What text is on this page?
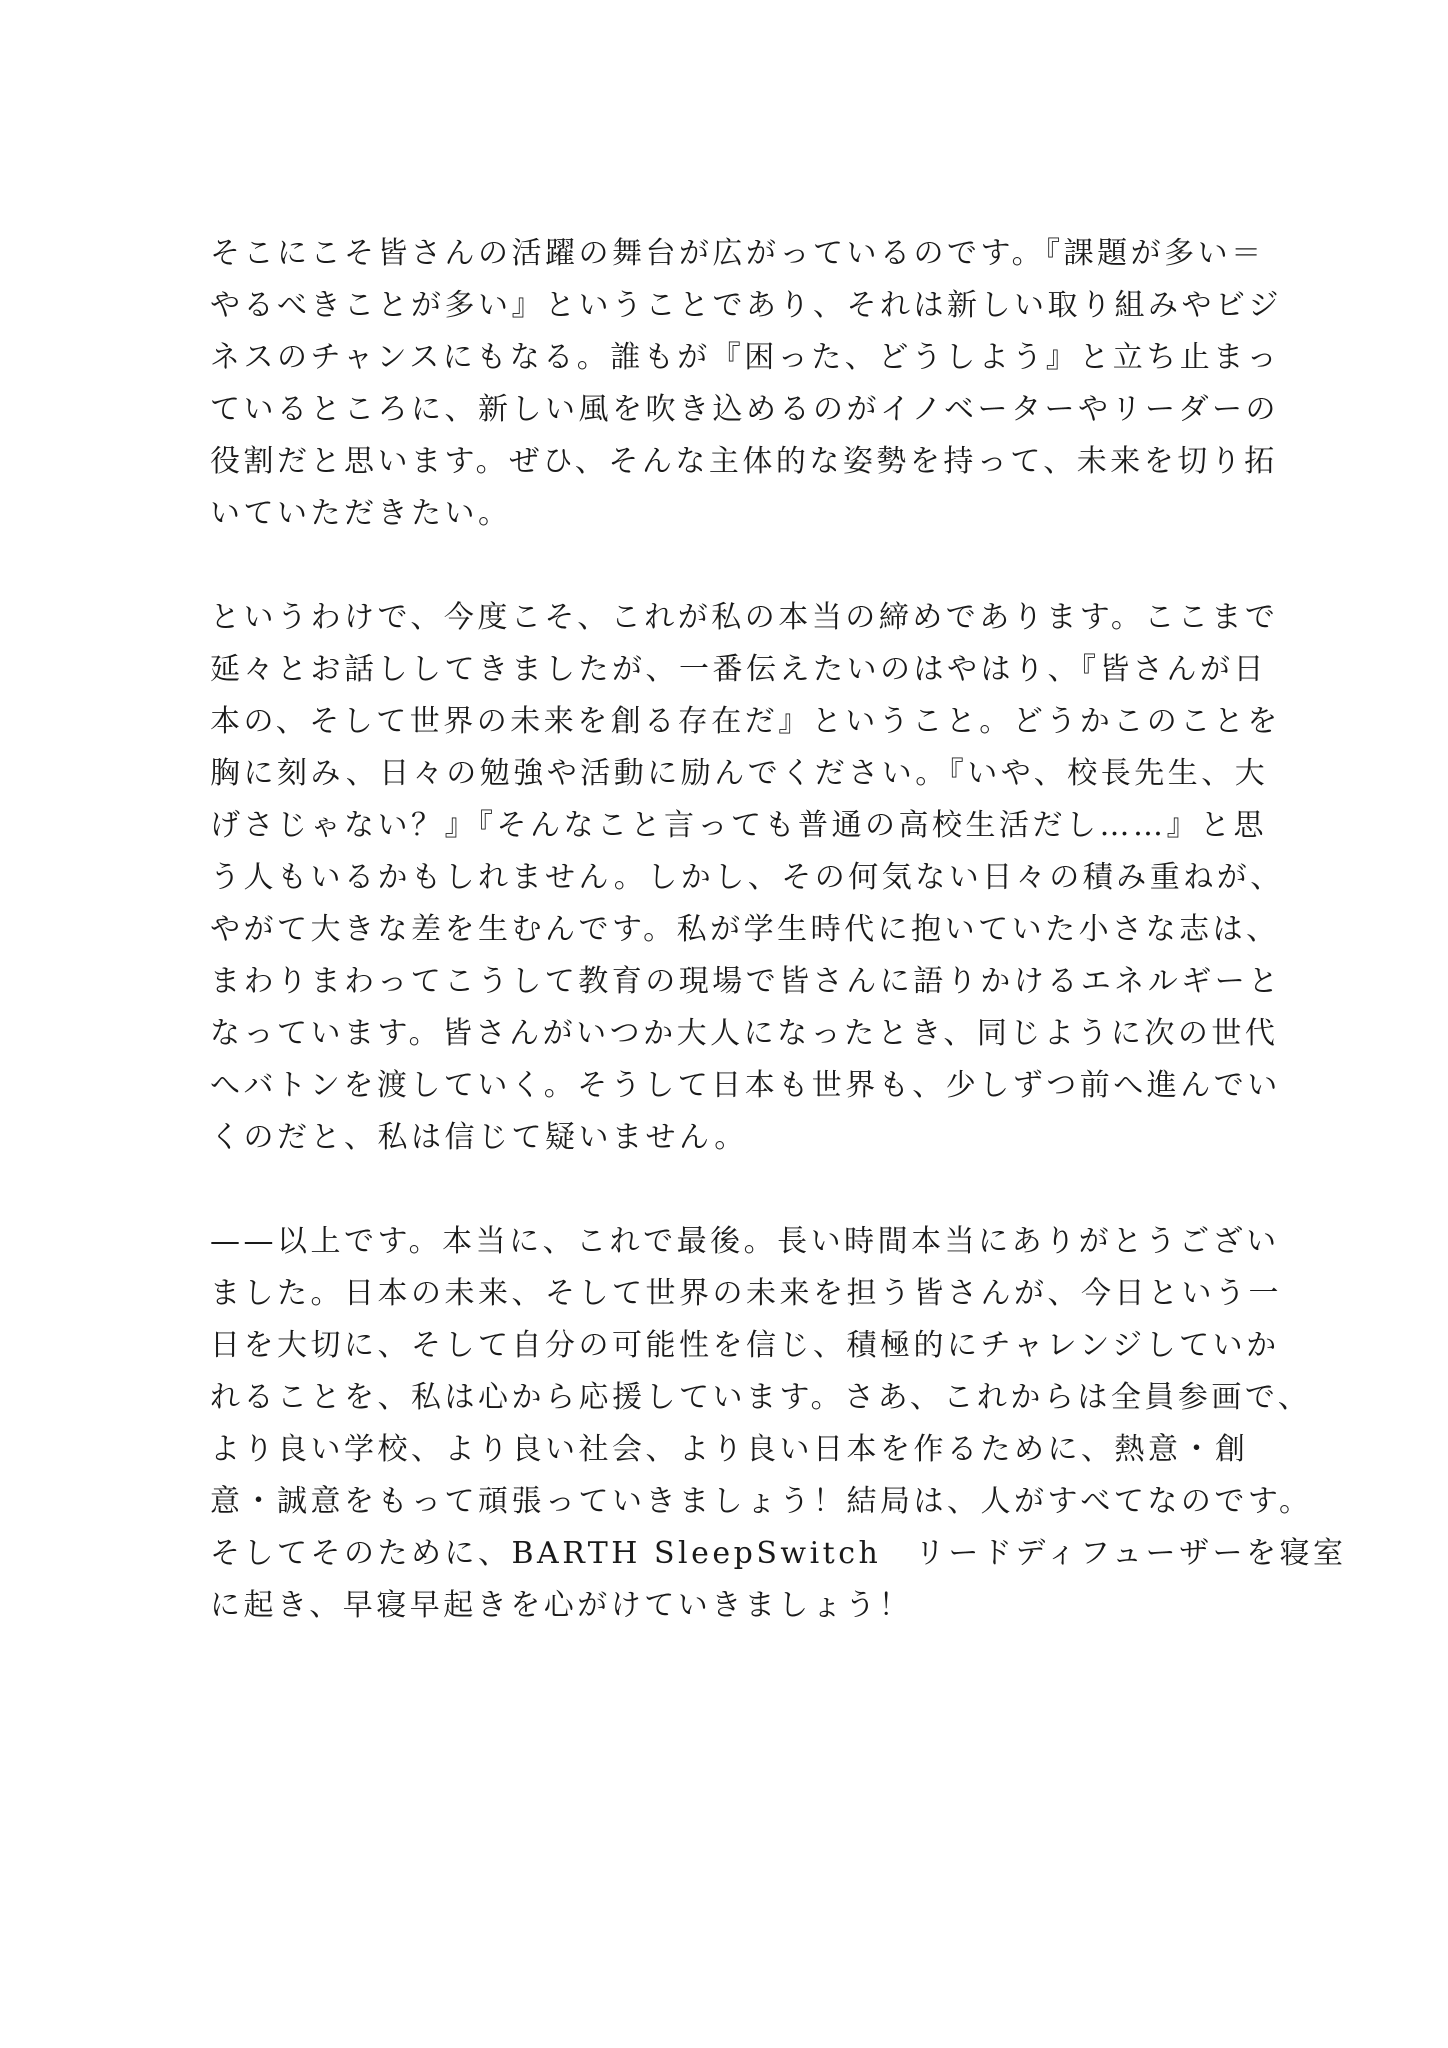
そこにこそ皆さんの活躍の舞台が広がっているのです。『課題が多い＝
やるべきことが多い』ということであり、それは新しい取り組みやビジ
ネスのチャンスにもなる。誰もが『困った、どうしよう』と立ち止まっ
ているところに、新しい風を吹き込めるのがイノベーターやリーダーの
役割だと思います。ぜひ、そんな主体的な姿勢を持って、未来を切り拓
いていただきたい。
というわけで、今度こそ、これが私の本当の締めであります。ここまで
延々とお話ししてきましたが、一番伝えたいのはやはり、『皆さんが日
本の、そして世界の未来を創る存在だ』ということ。どうかこのことを
胸に刻み、日々の勉強や活動に励んでください。『いや、校長先生、大
げさじゃない？』『そんなこと言っても普通の高校生活だし……』と思
う人もいるかもしれません。しかし、その何気ない日々の積み重ねが、
やがて大きな差を生むんです。私が学生時代に抱いていた小さな志は、
まわりまわってこうして教育の現場で皆さんに語りかけるエネルギーと
なっています。皆さんがいつか大人になったとき、同じように次の世代
へバトンを渡していく。そうして日本も世界も、少しずつ前へ進んでい
くのだと、私は信じて疑いません。
——以上です。本当に、これで最後。長い時間本当にありがとうござい
ました。日本の未来、そして世界の未来を担う皆さんが、今日という一
日を大切に、そして自分の可能性を信じ、積極的にチャレンジしていか
れることを、私は心から応援しています。さあ、これからは全員参画で、
より良い学校、より良い社会、より良い日本を作るために、熱意・創
意・誠意をもって頑張っていきましょう！結局は、人がすべてなのです。
そしてそのために、BARTH SleepSwitch　リードディフューザーを寝室
に起き、早寝早起きを心がけていきましょう！
